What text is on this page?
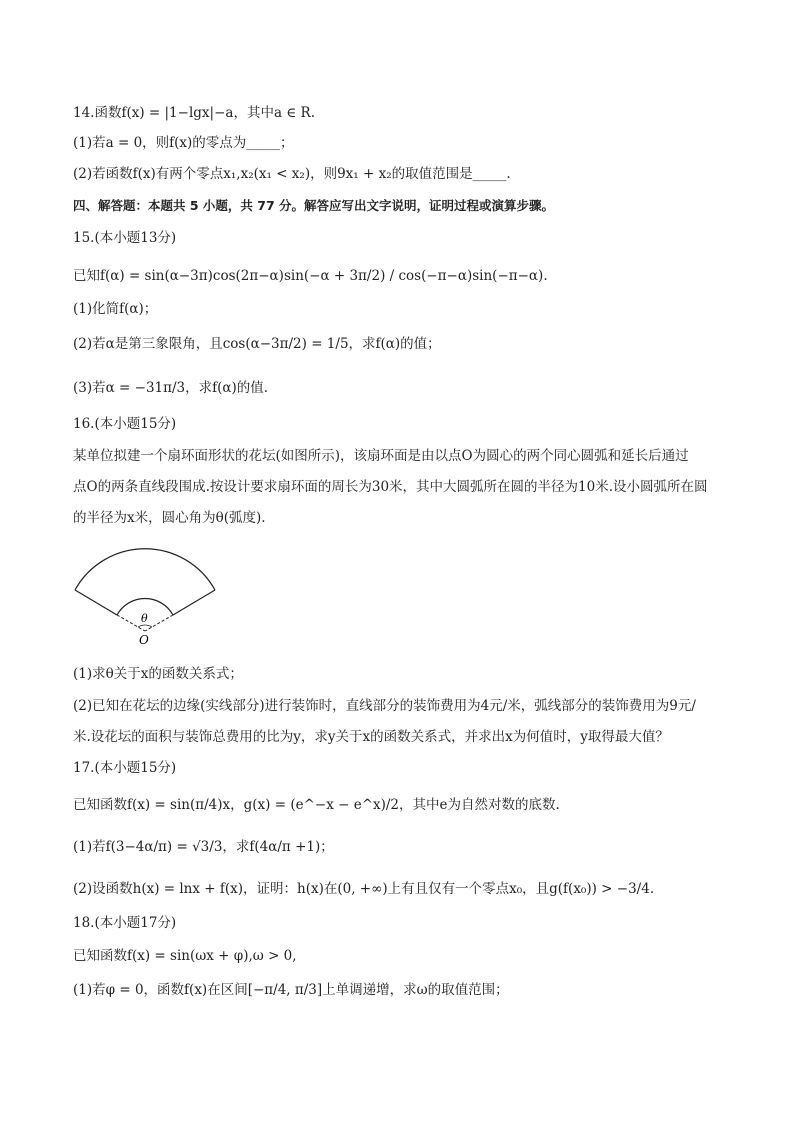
14.函数f(x) = |1−lgx|−a，其中a ∈ R.
(1)若a = 0，则f(x)的零点为_____；
(2)若函数f(x)有两个零点x₁,x₂(x₁ < x₂)，则9x₁ + x₂的取值范围是_____.
四、解答题：本题共 5 小题，共 77 分。解答应写出文字说明，证明过程或演算步骤。
15.(本小题13分)
已知f(α) = sin(α−3π)cos(2π−α)sin(−α + 3π/2) / cos(−π−α)sin(−π−α).
(1)化简f(α)；
(2)若α是第三象限角，且cos(α−3π/2) = 1/5，求f(α)的值；
(3)若α = −31π/3，求f(α)的值.
16.(本小题15分)
某单位拟建一个扇环面形状的花坛(如图所示)，该扇环面是由以点O为圆心的两个同心圆弧和延长后通过
点O的两条直线段围成.按设计要求扇环面的周长为30米，其中大圆弧所在圆的半径为10米.设小圆弧所在圆
的半径为x米，圆心角为θ(弧度).
θ
O
(1)求θ关于x的函数关系式；
(2)已知在花坛的边缘(实线部分)进行装饰时，直线部分的装饰费用为4元/米，弧线部分的装饰费用为9元/
米.设花坛的面积与装饰总费用的比为y，求y关于x的函数关系式，并求出x为何值时，y取得最大值？
17.(本小题15分)
已知函数f(x) = sin(π/4)x，g(x) = (e^−x − e^x)/2，其中e为自然对数的底数.
(1)若f(3−4α/π) = √3/3，求f(4α/π +1)；
(2)设函数h(x) = lnx + f(x)，证明：h(x)在(0, +∞)上有且仅有一个零点x₀，且g(f(x₀)) > −3/4.
18.(本小题17分)
已知函数f(x) = sin(ωx + φ),ω > 0,
(1)若φ = 0，函数f(x)在区间[−π/4, π/3]上单调递增，求ω的取值范围；
